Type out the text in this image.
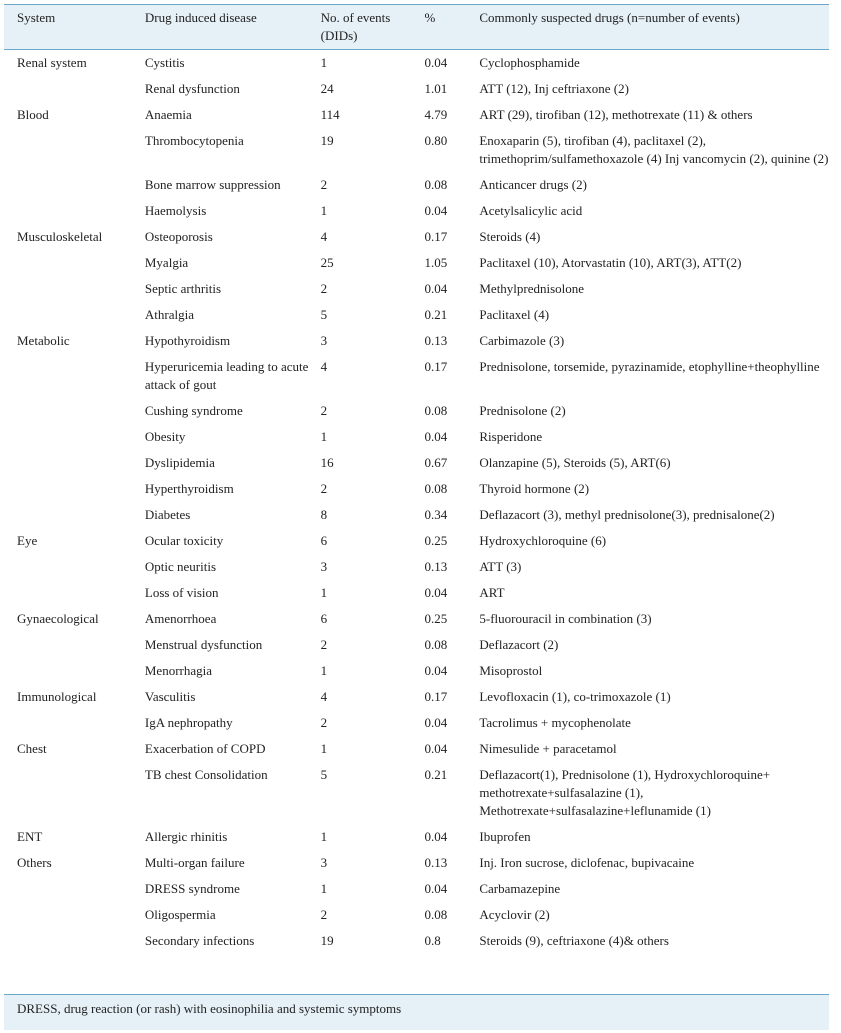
System	Drug induced disease	No. of events (DIDs)	%	Commonly suspected drugs (n=number of events)
Renal system	Cystitis	1	0.04	Cyclophosphamide
	Renal dysfunction	24	1.01	ATT (12), Inj ceftriaxone (2)
Blood	Anaemia	114	4.79	ART (29), tirofiban (12), methotrexate (11) & others
	Thrombocytopenia	19	0.80	Enoxaparin (5), tirofiban (4), paclitaxel (2), trimethoprim/sulfamethoxazole (4) Inj vancomycin (2), quinine (2)
	Bone marrow suppression	2	0.08	Anticancer drugs (2)
	Haemolysis	1	0.04	Acetylsalicylic acid
Musculoskeletal	Osteoporosis	4	0.17	Steroids (4)
	Myalgia	25	1.05	Paclitaxel (10), Atorvastatin (10), ART(3), ATT(2)
	Septic arthritis	2	0.04	Methylprednisolone
	Athralgia	5	0.21	Paclitaxel (4)
Metabolic	Hypothyroidism	3	0.13	Carbimazole (3)
	Hyperuricemia leading to acute attack of gout	4	0.17	Prednisolone, torsemide, pyrazinamide, etophylline+theophylline
	Cushing syndrome	2	0.08	Prednisolone (2)
	Obesity	1	0.04	Risperidone
	Dyslipidemia	16	0.67	Olanzapine (5), Steroids (5), ART(6)
	Hyperthyroidism	2	0.08	Thyroid hormone (2)
	Diabetes	8	0.34	Deflazacort (3), methyl prednisolone(3), prednisalone(2)
Eye	Ocular toxicity	6	0.25	Hydroxychloroquine (6)
	Optic neuritis	3	0.13	ATT (3)
	Loss of vision	1	0.04	ART
Gynaecological	Amenorrhoea	6	0.25	5-fluorouracil in combination (3)
	Menstrual dysfunction	2	0.08	Deflazacort (2)
	Menorrhagia	1	0.04	Misoprostol
Immunological	Vasculitis	4	0.17	Levofloxacin (1), co-trimoxazole (1)
	IgA nephropathy	2	0.04	Tacrolimus + mycophenolate
Chest	Exacerbation of COPD	1	0.04	Nimesulide + paracetamol
	TB chest Consolidation	5	0.21	Deflazacort(1), Prednisolone (1), Hydroxychloroquine+ methotrexate+sulfasalazine (1), Methotrexate+sulfasalazine+leflunamide (1)
ENT	Allergic rhinitis	1	0.04	Ibuprofen
Others	Multi-organ failure	3	0.13	Inj. Iron sucrose, diclofenac, bupivacaine
	DRESS syndrome	1	0.04	Carbamazepine
	Oligospermia	2	0.08	Acyclovir (2)
	Secondary infections	19	0.8	Steroids (9), ceftriaxone (4)& others
DRESS, drug reaction (or rash) with eosinophilia and systemic symptoms
